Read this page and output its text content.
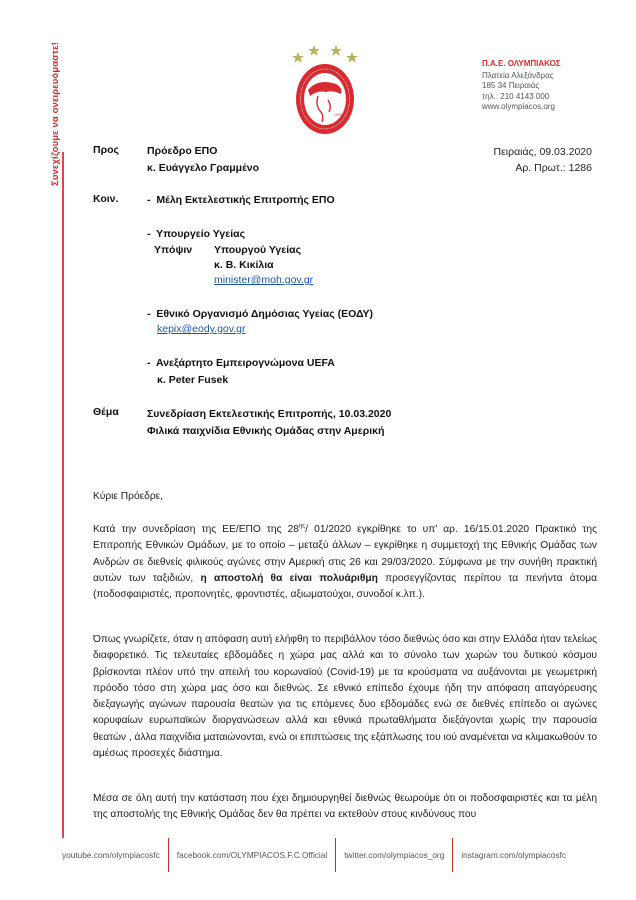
Συνεχίζουμε να ονειρευόμαστε!	1925
Π.Α.Ε. ΟΛΥΜΠΙΑΚΟΣ
Πλατεία Αλεξάνδρας
185 34 Πειραιάς
τηλ.: 210 4143 000
www.olympiacos.org
Πειραιάς, 09.03.2020
Αρ. Πρωτ.: 1286
Προς	Πρόεδρο ΕΠΟ
κ. Ευάγγελο Γραμμένο
Κοιν.	- Μέλη Εκτελεστικής Επιτροπής ΕΠΟ
- Υπουργείο Υγείας
Υπόψιν Υπουργού Υγείας
κ. Β. Κικίλια
minister@moh.gov.gr
- Εθνικό Οργανισμό Δημόσιας Υγείας (ΕΟΔΥ)
kepix@eody.gov.gr
- Ανεξάρτητο Εμπειρογνώμονα UEFA
κ. Peter Fusek
Θέμα	Συνεδρίαση Εκτελεστικής Επιτροπής, 10.03.2020
Φιλικά παιχνίδια Εθνικής Ομάδας στην Αμερική
Κύριε Πρόεδρε,
Κατά την συνεδρίαση της ΕΕ/ΕΠΟ της $28^{\eta\varsigma}/$ 01/2020 εγκρίθηκε το υπ’ αρ. 16/15.01.2020 Πρακτικό της Επιτροπής Εθνικών Ομάδων, με το οποίο – μεταξύ άλλων – εγκρίθηκε η συμμετοχή της Εθνικής Ομάδας των Ανδρών σε διεθνείς φιλικούς αγώνες στην Αμερική στις 26 και 29/03/2020. Σύμφωνα με την συνήθη πρακτική αυτών των ταξιδιών, η αποστολή θα είναι πολυάριθμη προσεγγίζοντας περίπου τα πενήντα άτομα (ποδοσφαιριστές, προπονητές, φροντιστές, αξιωματούχοι, συνοδοί κ.λπ.).
Όπως γνωρίζετε, όταν η απόφαση αυτή ελήφθη το περιβάλλον τόσο διεθνώς όσο και στην Ελλάδα ήταν τελείως διαφορετικό. Τις τελευταίες εβδομάδες η χώρα μας αλλά και το σύνολο των χωρών του δυτικού κόσμου βρίσκονται πλέον υπό την απειλή του κορωναϊού (Covid-19) με τα κρούσματα να αυξάνονται με γεωμετρική πρόοδο τόσο στη χώρα μας όσο και διεθνώς. Σε εθνικό επίπεδο έχουμε ήδη την απόφαση απαγόρευσης διεξαγωγής αγώνων παρουσία θεατών για τις επόμενες δυο εβδομάδες ενώ σε διεθνές επίπεδο οι αγώνες κορυφαίων ευρωπαϊκών διοργανώσεων αλλά και εθνικά πρωταθλήματα διεξάγονται χωρίς την παρουσία θεατών , άλλα παιχνίδια ματαιώνονται, ενώ οι επιπτώσεις της εξάπλωσης του ιού αναμένεται να κλιμακωθούν το αμέσως προσεχές διάστημα.
Μέσα σε όλη αυτή την κατάσταση που έχει δημιουργηθεί διεθνώς θεωρούμε ότι οι ποδοσφαιριστές και τα μέλη της αποστολής της Εθνικής Ομάδας δεν θα πρέπει να εκτεθούν στους κινδύνους που
youtube.com/olympiacosfc facebook.com/OLYMPIACOS.F.C.Official twitter.com/olympiacos_org instagram.com/olympiacosfc
